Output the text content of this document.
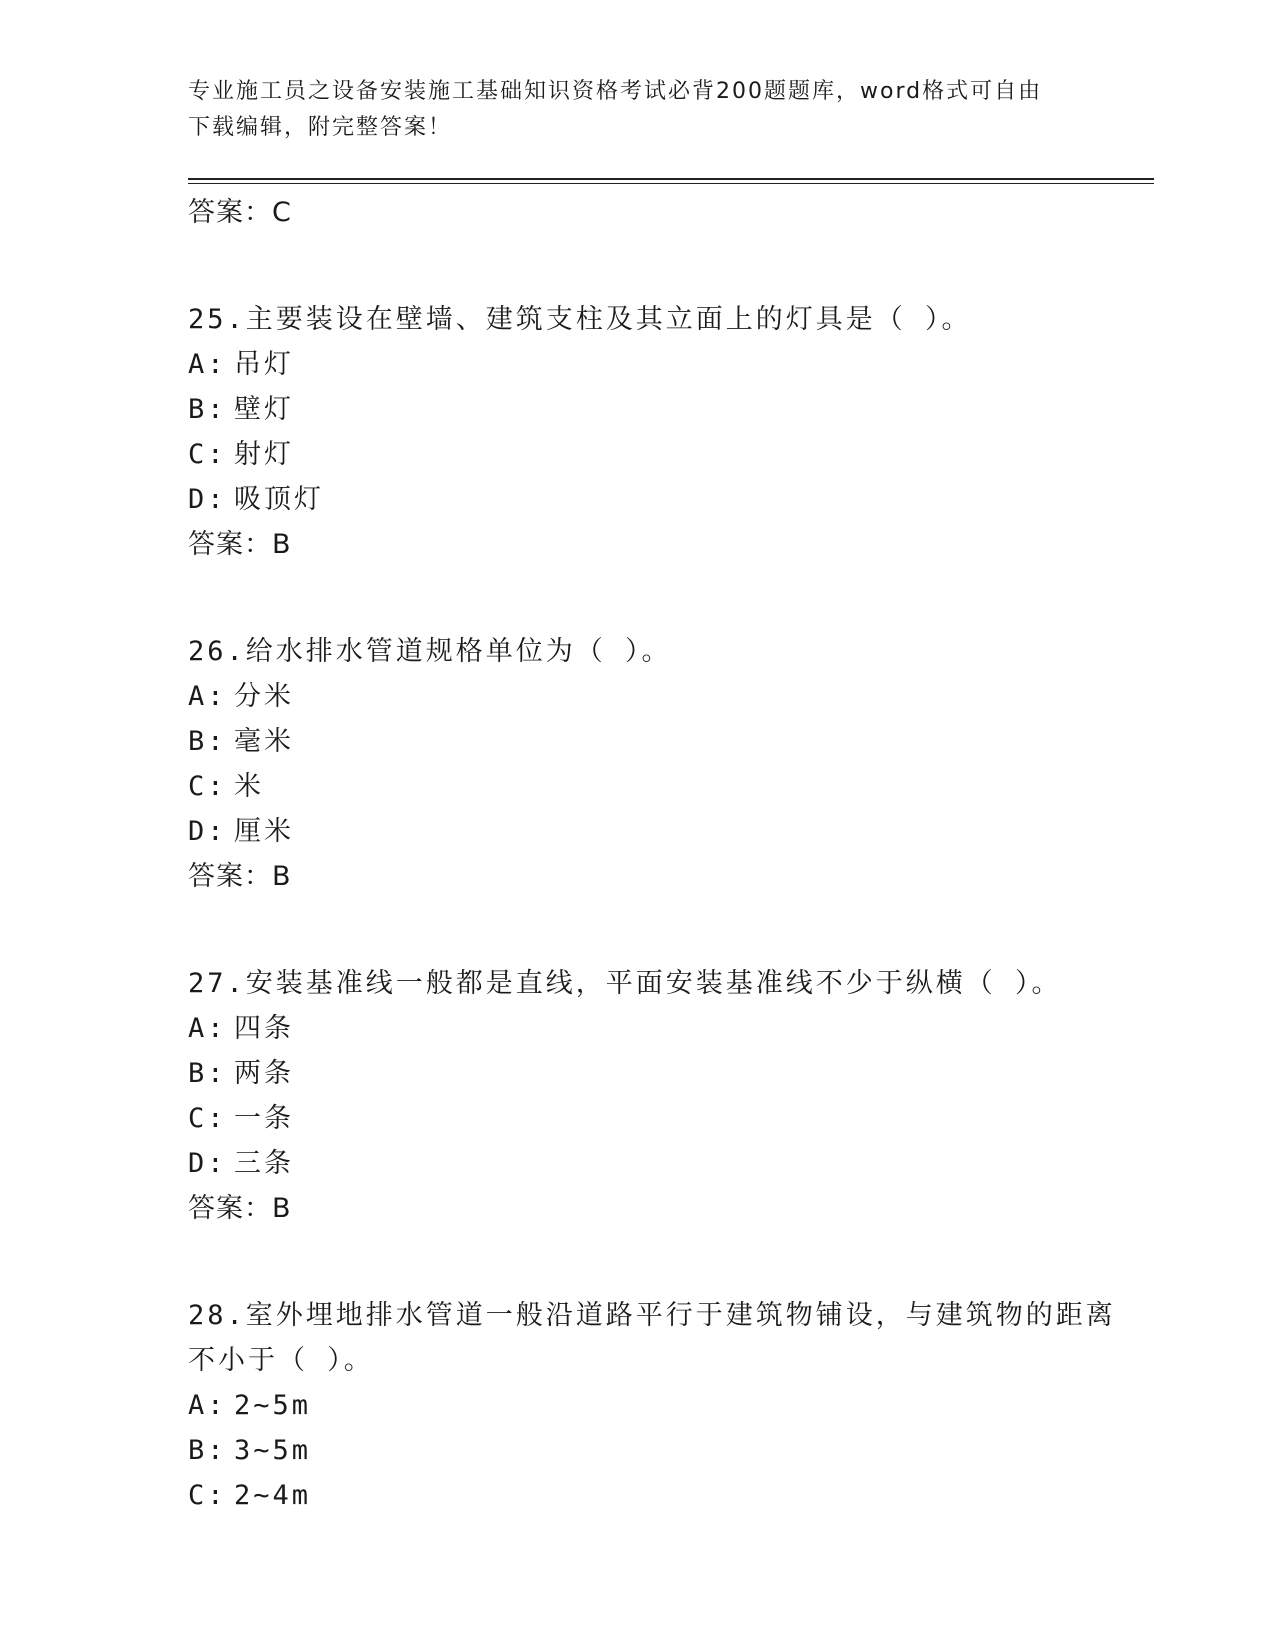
专业施工员之设备安装施工基础知识资格考试必背200题题库，word格式可自由
下载编辑，附完整答案！
答案：C
25.主要装设在壁墙、建筑支柱及其立面上的灯具是（ ）。
A: 吊灯
B: 壁灯
C: 射灯
D: 吸顶灯
答案：B
26.给水排水管道规格单位为（ ）。
A: 分米
B: 毫米
C: 米
D: 厘米
答案：B
27.安装基准线一般都是直线，平面安装基准线不少于纵横（ ）。
A: 四条
B: 两条
C: 一条
D: 三条
答案：B
28.室外埋地排水管道一般沿道路平行于建筑物铺设，与建筑物的距离
不小于（ ）。
A: 2~5m
B: 3~5m
C: 2~4m
